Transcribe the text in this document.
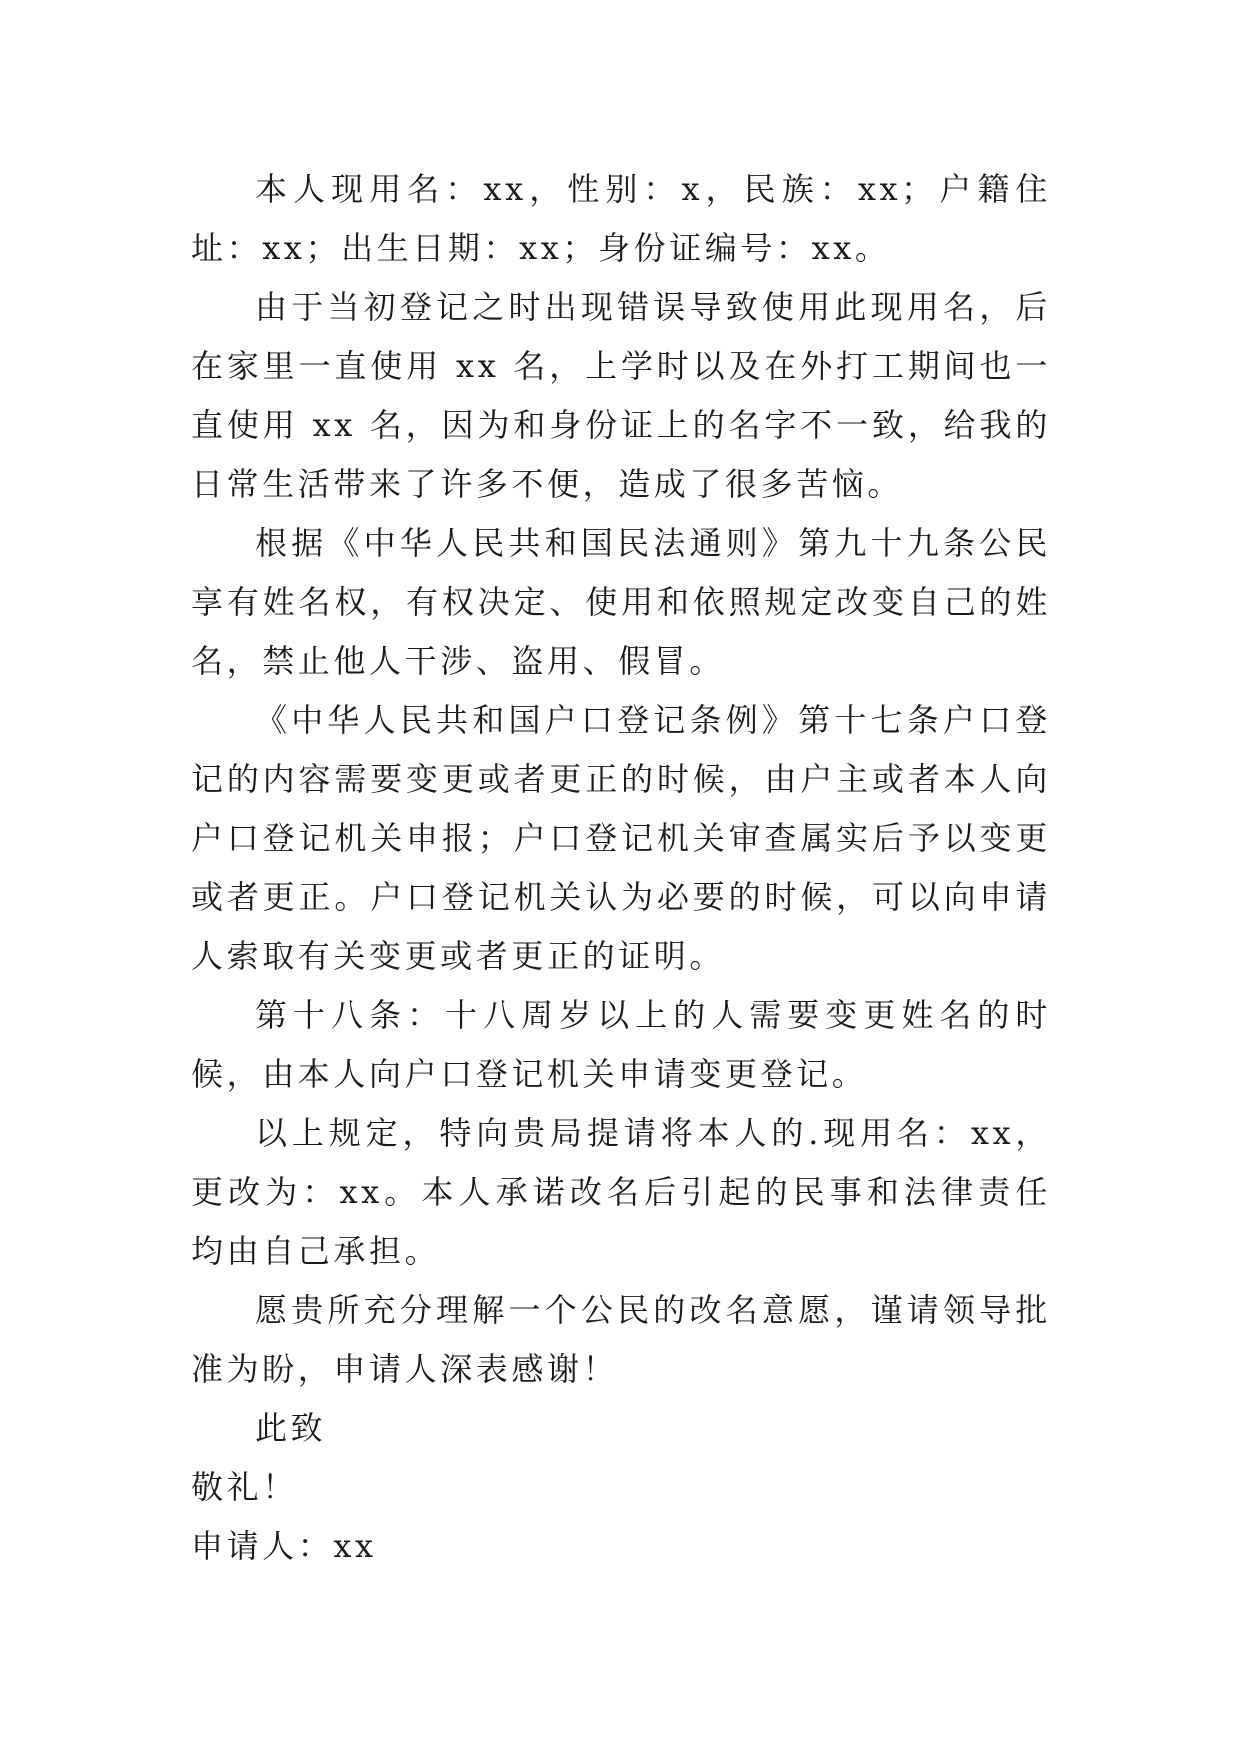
本人现用名：xx，性别：x，民族：xx；户籍住址：xx；出生日期：xx；身份证编号：xx。

由于当初登记之时出现错误导致使用此现用名，后在家里一直使用 xx 名，上学时以及在外打工期间也一直使用 xx 名，因为和身份证上的名字不一致，给我的日常生活带来了许多不便，造成了很多苦恼。

根据《中华人民共和国民法通则》第九十九条公民享有姓名权，有权决定、使用和依照规定改变自己的姓名，禁止他人干涉、盗用、假冒。

《中华人民共和国户口登记条例》第十七条户口登记的内容需要变更或者更正的时候，由户主或者本人向户口登记机关申报；户口登记机关审查属实后予以变更或者更正。户口登记机关认为必要的时候，可以向申请人索取有关变更或者更正的证明。

第十八条：十八周岁以上的人需要变更姓名的时候，由本人向户口登记机关申请变更登记。

以上规定，特向贵局提请将本人的.现用名：xx，更改为：xx。本人承诺改名后引起的民事和法律责任均由自己承担。

愿贵所充分理解一个公民的改名意愿，谨请领导批准为盼，申请人深表感谢！

此致

敬礼！

申请人：xx
